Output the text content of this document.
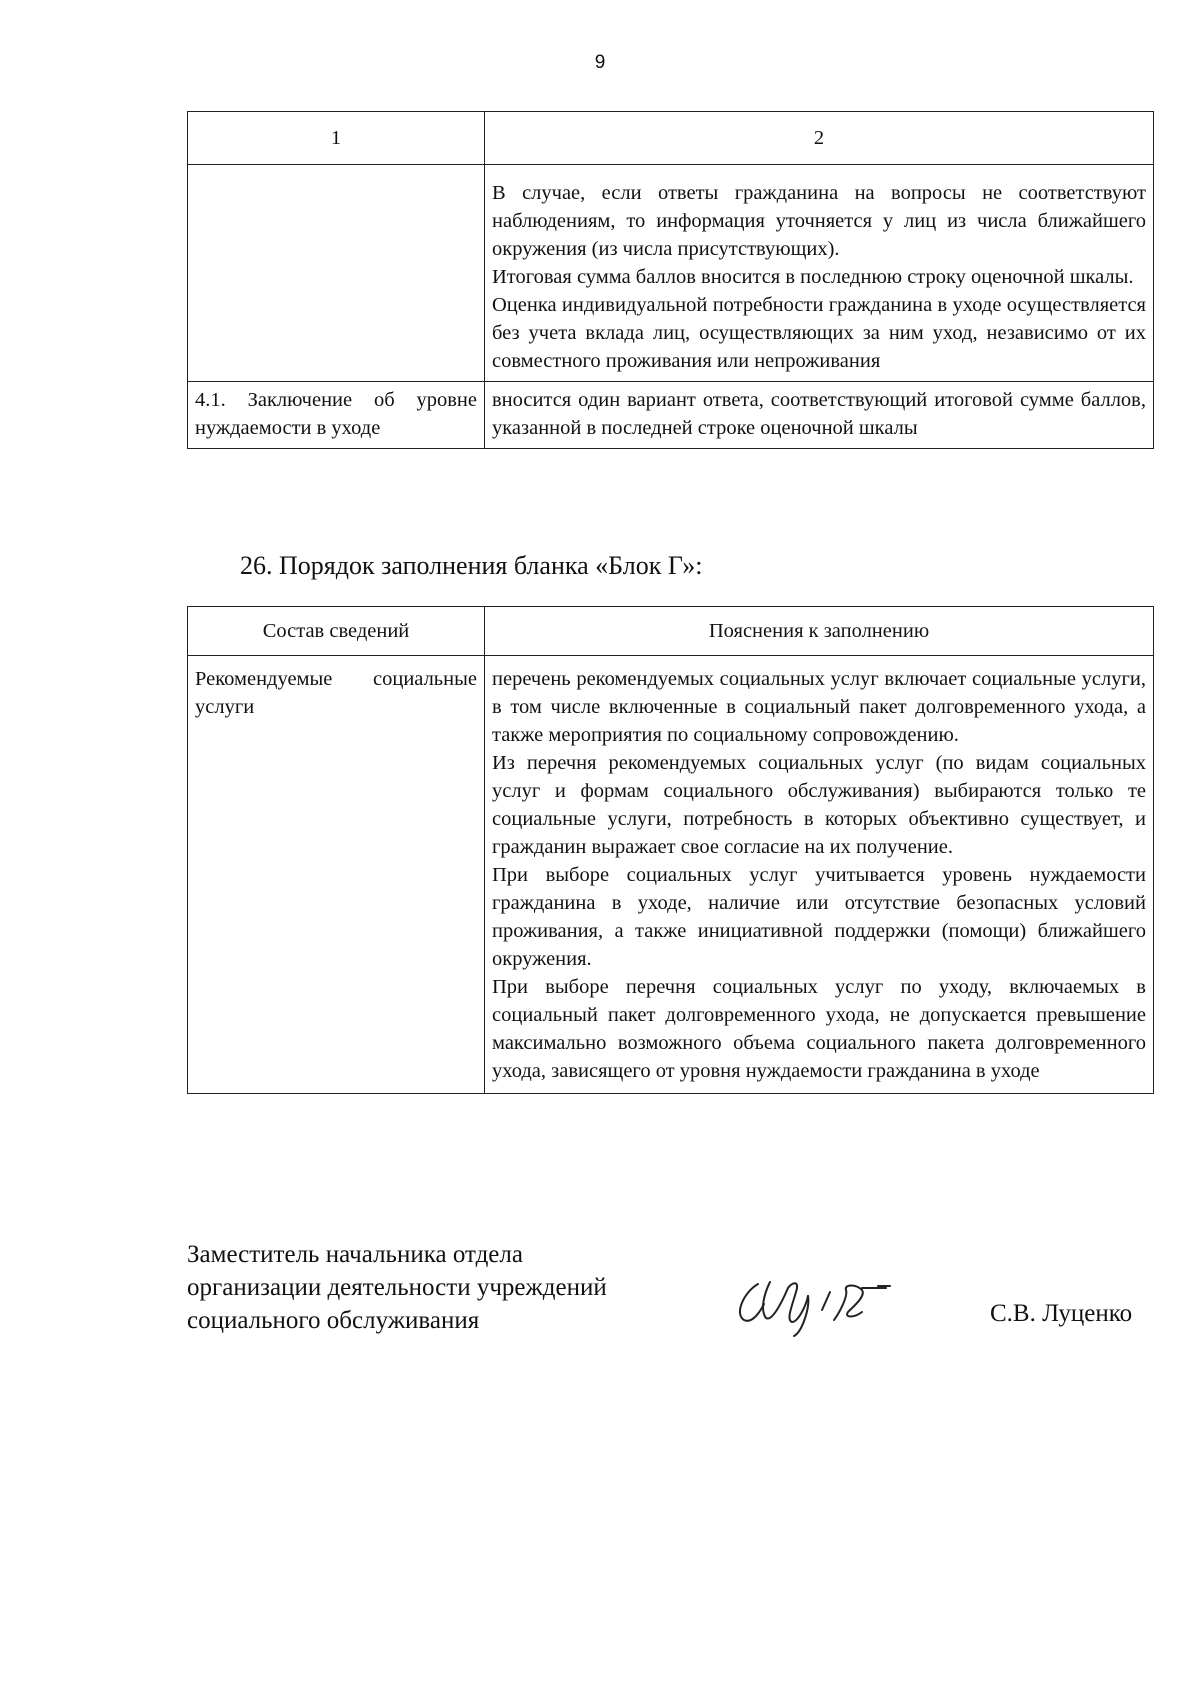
9
1	2

	В случае, если ответы гражданина на вопросы не соответствуют наблюдениям, то информация уточняется у лиц из числа ближайшего окружения (из числа присутствующих).
Итоговая сумма баллов вносится в последнюю строку оценочной шкалы.
Оценка индивидуальной потребности гражданина в уходе осуществляется без учета вклада лиц, осуществляющих за ним уход, независимо от их совместного проживания или непроживания

4.1. Заключение об уровне нуждаемости в уходе	вносится один вариант ответа, соответствующий итоговой сумме баллов, указанной в последней строке оценочной шкалы
26. Порядок заполнения бланка «Блок Г»:
Состав сведений	Пояснения к заполнению

Рекомендуемые социальные услуги	перечень рекомендуемых социальных услуг включает социальные услуги, в том числе включенные в социальный пакет долговременного ухода, а также мероприятия по социальному сопровождению.
Из перечня рекомендуемых социальных услуг (по видам социальных услуг и формам социального обслуживания) выбираются только те социальные услуги, потребность в которых объективно существует, и гражданин выражает свое согласие на их получение.
При выборе социальных услуг учитывается уровень нуждаемости гражданина в уходе, наличие или отсутствие безопасных условий проживания, а также инициативной поддержки (помощи) ближайшего окружения.
При выборе перечня социальных услуг по уходу, включаемых в социальный пакет долговременного ухода, не допускается превышение максимально возможного объема социального пакета долговременного ухода, зависящего от уровня нуждаемости гражданина в уходе
Заместитель начальника отдела
организации деятельности учреждений
социального обслуживания	С.В. Луценко
